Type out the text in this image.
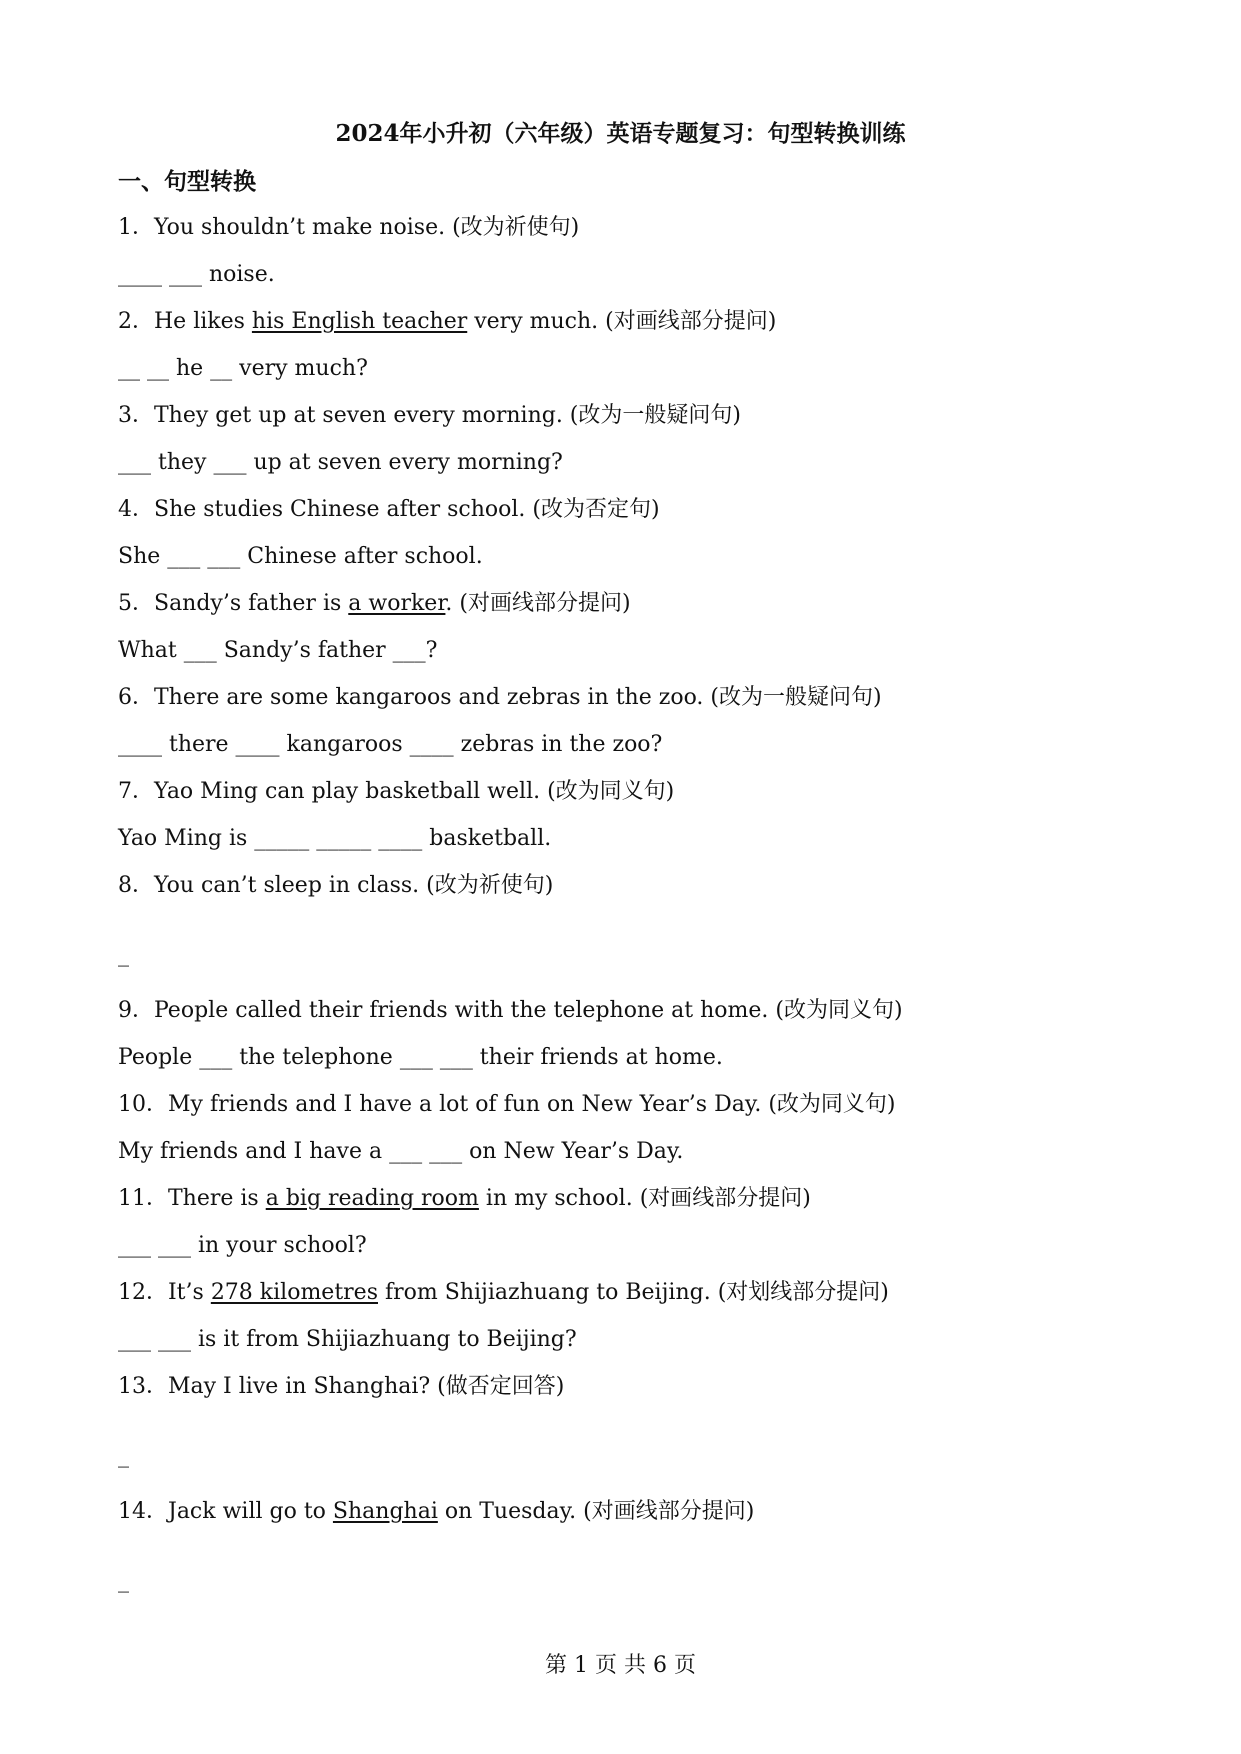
2024年小升初（六年级）英语专题复习：句型转换训练
一、句型转换
1．You shouldn’t make noise. (改为祈使句)
____ ___ noise.
2．He likes his English teacher very much. (对画线部分提问)
__ __ he __ very much?
3．They get up at seven every morning. (改为一般疑问句)
___ they ___ up at seven every morning?
4．She studies Chinese after school. (改为否定句)
She ___ ___ Chinese after school.
5．Sandy’s father is a worker. (对画线部分提问)
What ___ Sandy’s father ___?
6．There are some kangaroos and zebras in the zoo. (改为一般疑问句)
____ there ____ kangaroos ____ zebras in the zoo?
7．Yao Ming can play basketball well. (改为同义句)
Yao Ming is _____ _____ ____ basketball.
8．You can’t sleep in class. (改为祈使句)
_
9．People called their friends with the telephone at home. (改为同义句)
People ___ the telephone ___ ___ their friends at home.
10．My friends and I have a lot of fun on New Year’s Day. (改为同义句)
My friends and I have a ___ ___ on New Year’s Day.
11．There is a big reading room in my school. (对画线部分提问)
___ ___ in your school?
12．It’s 278 kilometres from Shijiazhuang to Beijing. (对划线部分提问)
___ ___ is it from Shijiazhuang to Beijing?
13．May I live in Shanghai? (做否定回答)
_
14．Jack will go to Shanghai on Tuesday. (对画线部分提问)
_
第 1 页 共 6 页
